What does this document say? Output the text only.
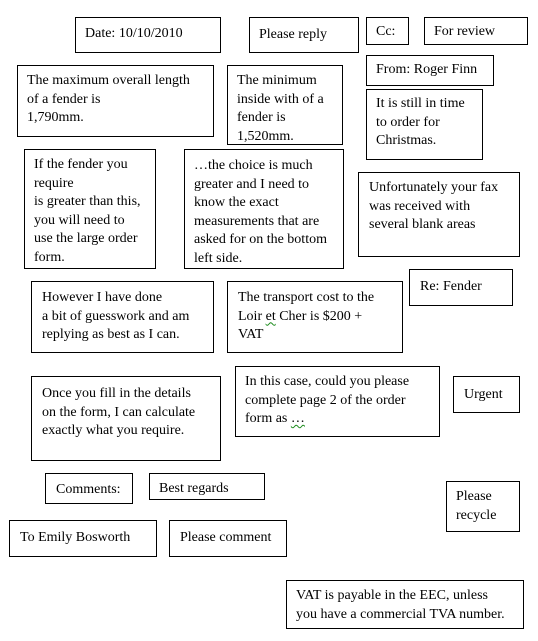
Date: 10/10/2010	Please reply	Cc:	For review
The maximum overall length
of a fender is
1,790mm.
The minimum
inside with of a
fender is
1,520mm.
From: Roger Finn
It is still in time
to order for
Christmas.
If the fender you
require
is greater than this,
you will need to
use the large order
form.
…the choice is much
greater and I need to
know the exact
measurements that are
asked for on the bottom
left side.
Unfortunately your fax
was received with
several blank areas
Re: Fender
However I have done
a bit of guesswork and am
replying as best as I can.
The transport cost to the
Loir et Cher is $200 +
VAT
Once you fill in the details
on the form, I can calculate
exactly what you require.
In this case, could you please
complete page 2 of the order
form as …
Urgent
Comments:	Best regards
Please
recycle
To Emily Bosworth	Please comment
VAT is payable in the EEC, unless
you have a commercial TVA number.
